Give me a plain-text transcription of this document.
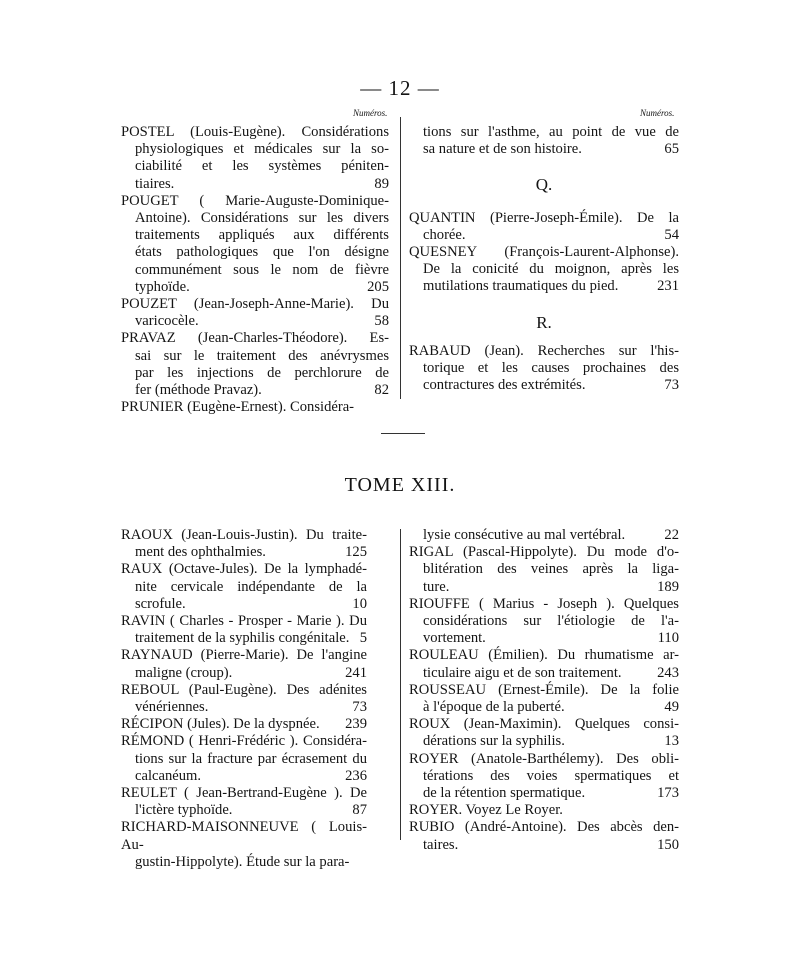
— 12 —
Numéros.	Numéros.
POSTEL (Louis-Eugène). Considérations
physiologiques et médicales sur la so-
ciabilité et les systèmes péniten-
tiaires.	89
POUGET ( Marie-Auguste-Dominique-
Antoine). Considérations sur les divers
traitements appliqués aux différents
états pathologiques que l'on désigne
communément sous le nom de fièvre
typhoïde.	205
POUZET (Jean-Joseph-Anne-Marie). Du
varicocèle.	58
PRAVAZ (Jean-Charles-Théodore). Es-
sai sur le traitement des anévrysmes
par les injections de perchlorure de
fer (méthode Pravaz).	82
PRUNIER (Eugène-Ernest). Considéra-
tions sur l'asthme, au point de vue de
sa nature et de son histoire.	65
Q.
QUANTIN (Pierre-Joseph-Émile). De la
chorée.	54
QUESNEY (François-Laurent-Alphonse).
De la conicité du moignon, après les
mutilations traumatiques du pied.	231
R.
RABAUD (Jean). Recherches sur l'his-
torique et les causes prochaines des
contractures des extrémités.	73
TOME XIII.
RAOUX (Jean-Louis-Justin). Du traite-
ment des ophthalmies.	125
RAUX (Octave-Jules). De la lymphadé-
nite cervicale indépendante de la
scrofule.	10
RAVIN ( Charles - Prosper - Marie ). Du
traitement de la syphilis congénitale. 5
RAYNAUD (Pierre-Marie). De l'angine
maligne (croup).	241
REBOUL (Paul-Eugène). Des adénites
vénériennes.	73
RÉCIPON (Jules). De la dyspnée.	239
RÉMOND ( Henri-Frédéric ). Considéra-
tions sur la fracture par écrasement du
calcanéum.	236
REULET ( Jean-Bertrand-Eugène ). De
l'ictère typhoïde.	87
RICHARD-MAISONNEUVE ( Louis-Au-
gustin-Hippolyte). Étude sur la para-
lysie consécutive au mal vertébral.	22
RIGAL (Pascal-Hippolyte). Du mode d'o-
blitération des veines après la liga-
ture.	189
RIOUFFE ( Marius - Joseph ). Quelques
considérations sur l'étiologie de l'a-
vortement.	110
ROULEAU (Émilien). Du rhumatisme ar-
ticulaire aigu et de son traitement.	243
ROUSSEAU (Ernest-Émile). De la folie
à l'époque de la puberté.	49
ROUX (Jean-Maximin). Quelques consi-
dérations sur la syphilis.	13
ROYER (Anatole-Barthélemy). Des obli-
térations des voies spermatiques et
de la rétention spermatique.	173
ROYER. Voyez Le Royer.
RUBIO (André-Antoine). Des abcès den-
taires.	150
